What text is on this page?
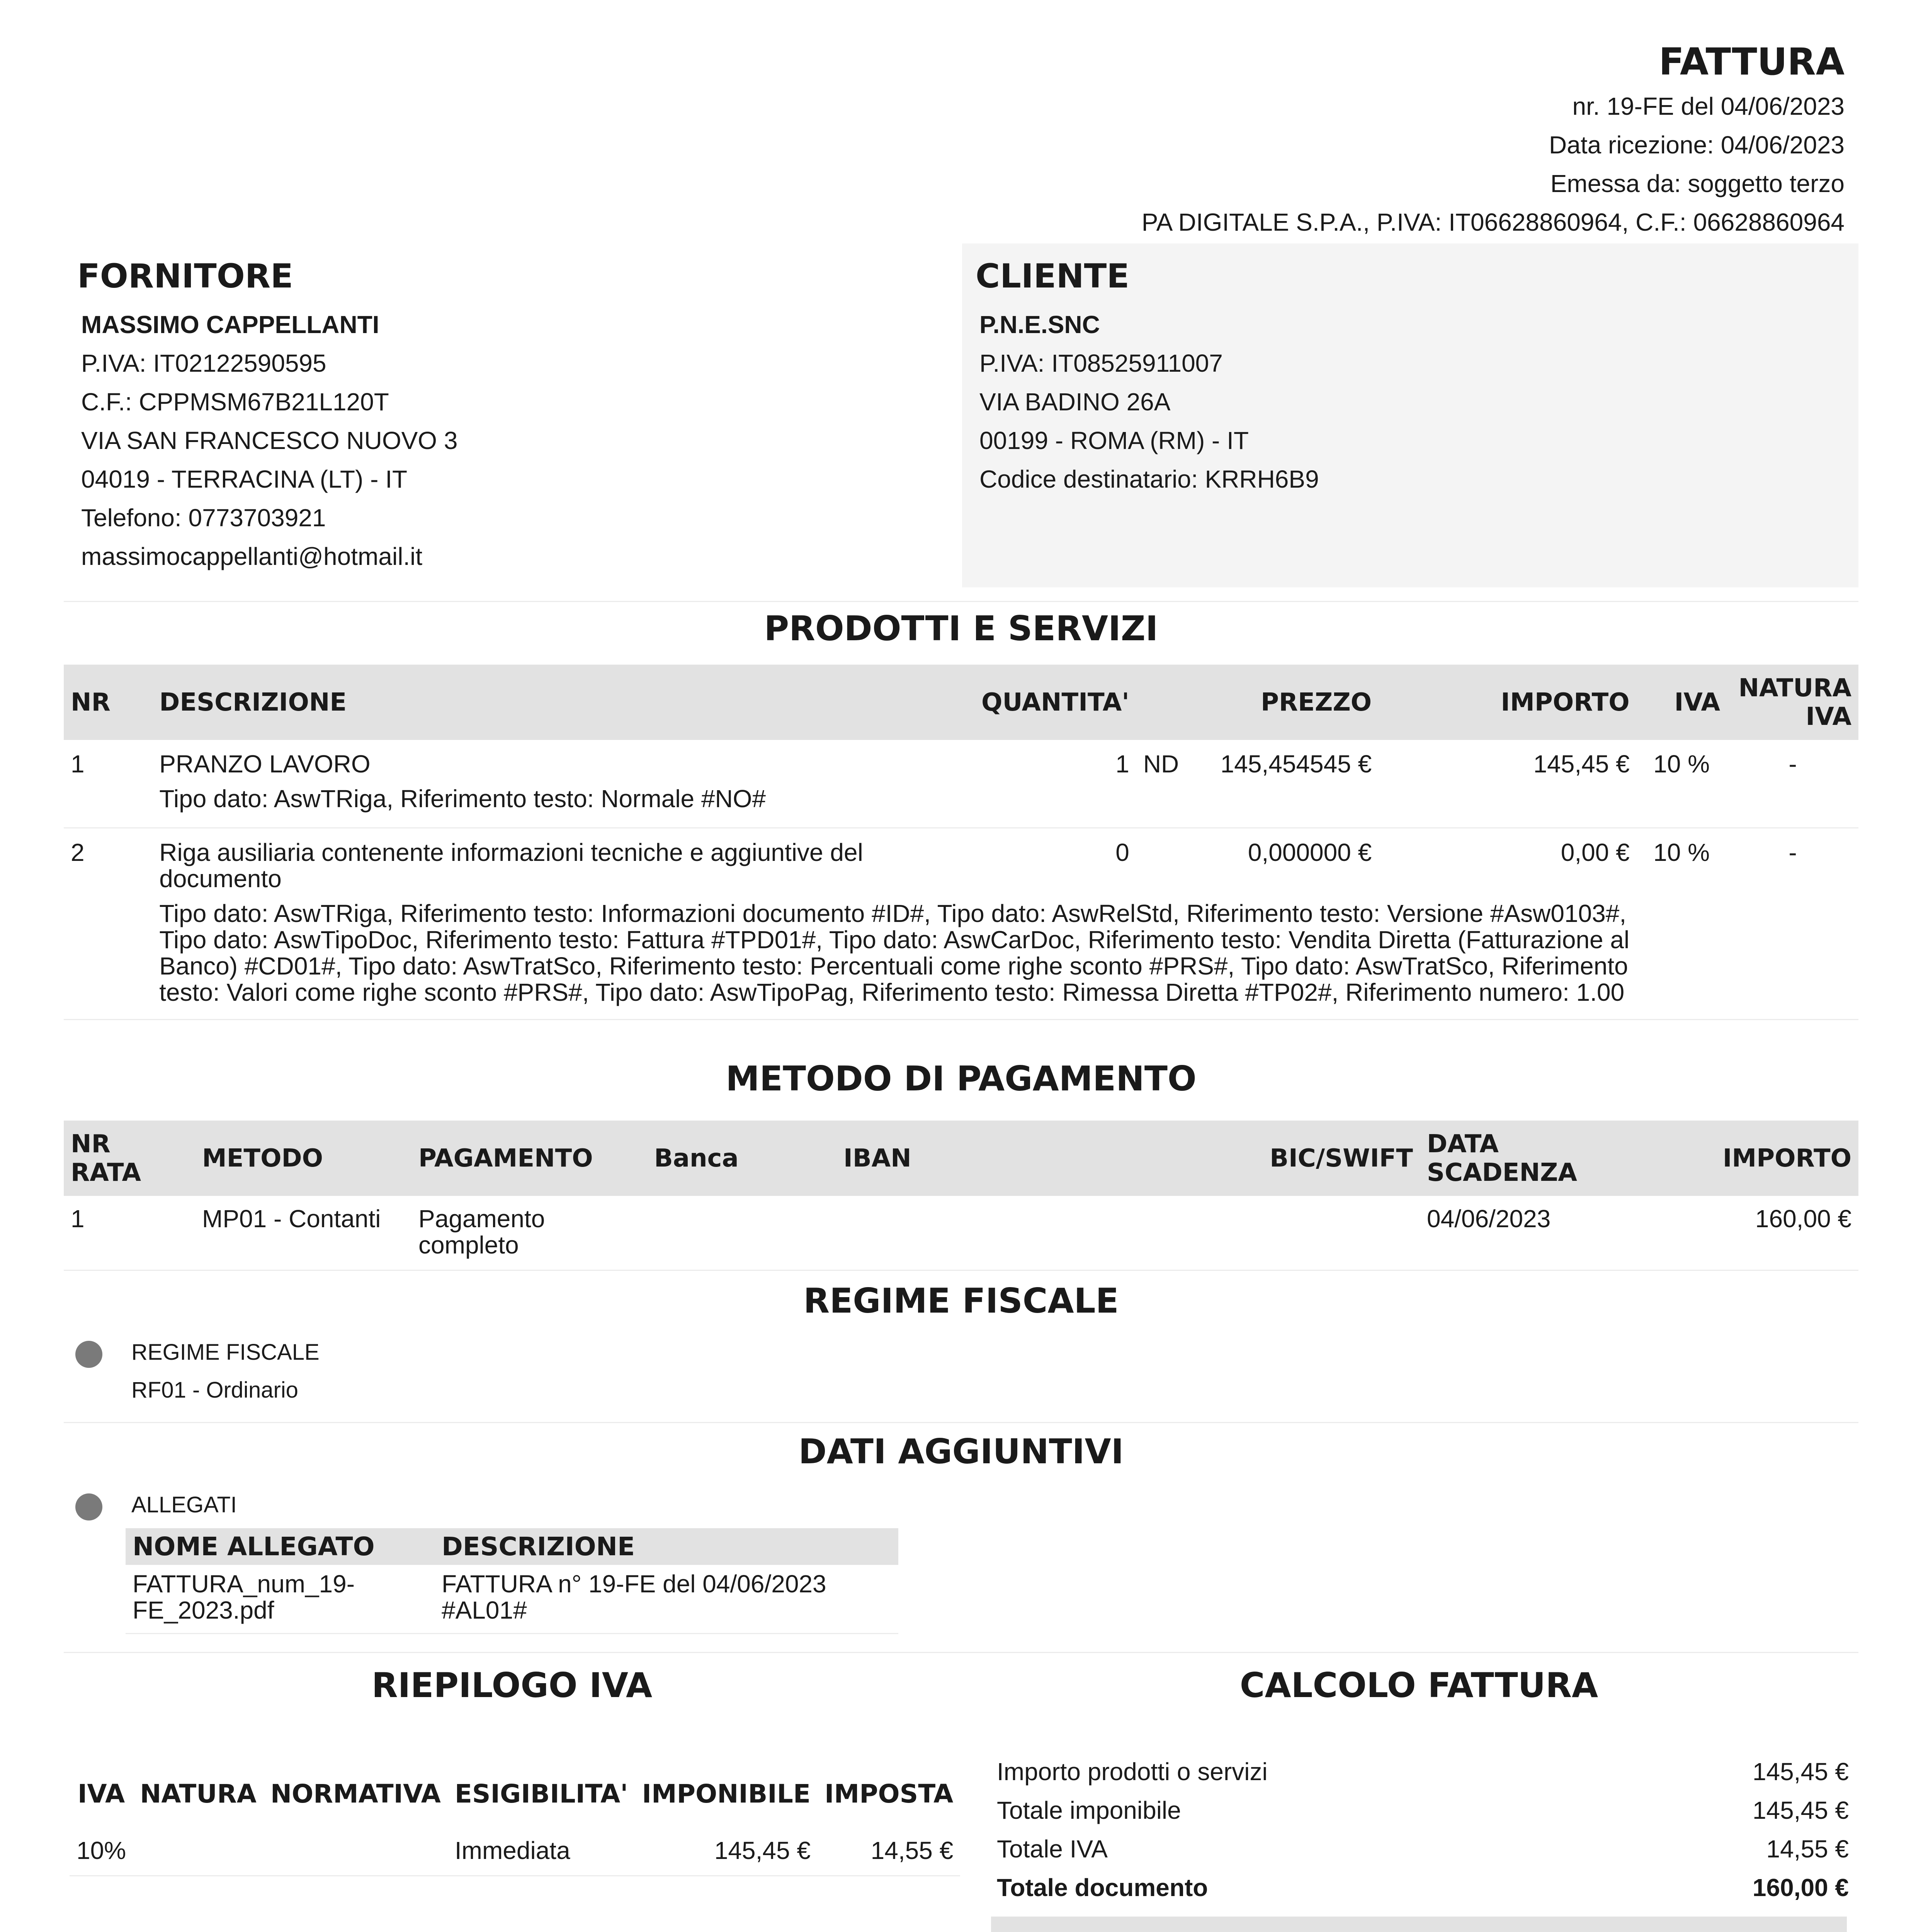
FATTURA
nr. 19-FE del 04/06/2023
Data ricezione: 04/06/2023
Emessa da: soggetto terzo
PA DIGITALE S.P.A., P.IVA: IT06628860964, C.F.: 06628860964
FORNITORE
MASSIMO CAPPELLANTI
P.IVA: IT02122590595
C.F.: CPPMSM67B21L120T
VIA SAN FRANCESCO NUOVO 3
04019 - TERRACINA (LT) - IT
Telefono: 0773703921
massimocappellanti@hotmail.it
CLIENTE
P.N.E.SNC
P.IVA: IT08525911007
VIA BADINO 26A
00199 - ROMA (RM) - IT
Codice destinatario: KRRH6B9
PRODOTTI E SERVIZI
NR	DESCRIZIONE	QUANTITA'		PREZZO	IMPORTO	IVA	NATURA IVA
1	PRANZO LAVORO	1	ND	145,454545 €	145,45 €	10 %	-
	Tipo dato: AswTRiga, Riferimento testo: Normale #NO#						
2	Riga ausiliaria contenente informazioni tecniche e aggiuntive del documento	0		0,000000 €	0,00 €	10 %	-
	Tipo dato: AswTRiga, Riferimento testo: Informazioni documento #ID#, Tipo dato: AswRelStd, Riferimento testo: Versione #Asw0103#, Tipo dato: AswTipoDoc, Riferimento testo: Fattura #TPD01#, Tipo dato: AswCarDoc, Riferimento testo: Vendita Diretta (Fatturazione al Banco) #CD01#, Tipo dato: AswTratSco, Riferimento testo: Percentuali come righe sconto #PRS#, Tipo dato: AswTratSco, Riferimento testo: Valori come righe sconto #PRS#, Tipo dato: AswTipoPag, Riferimento testo: Rimessa Diretta #TP02#, Riferimento numero: 1.00						
METODO DI PAGAMENTO
NR RATA	METODO	PAGAMENTO	Banca	IBAN	BIC/SWIFT	DATA SCADENZA	IMPORTO
1	MP01 - Contanti	Pagamento completo				04/06/2023	160,00 €
REGIME FISCALE
REGIME FISCALE
RF01 - Ordinario
DATI AGGIUNTIVI
ALLEGATI
NOME ALLEGATO	DESCRIZIONE
FATTURA_num_19-FE_2023.pdf	FATTURA n° 19-FE del 04/06/2023 #AL01#
RIEPILOGO IVA
IVA	NATURA	NORMATIVA	ESIGIBILITA'	IMPONIBILE	IMPOSTA
10%			Immediata	145,45 €	14,55 €
CALCOLO FATTURA
Importo prodotti o servizi	145,45 €
Totale imponibile	145,45 €
Totale IVA	14,55 €
Totale documento	160,00 €
